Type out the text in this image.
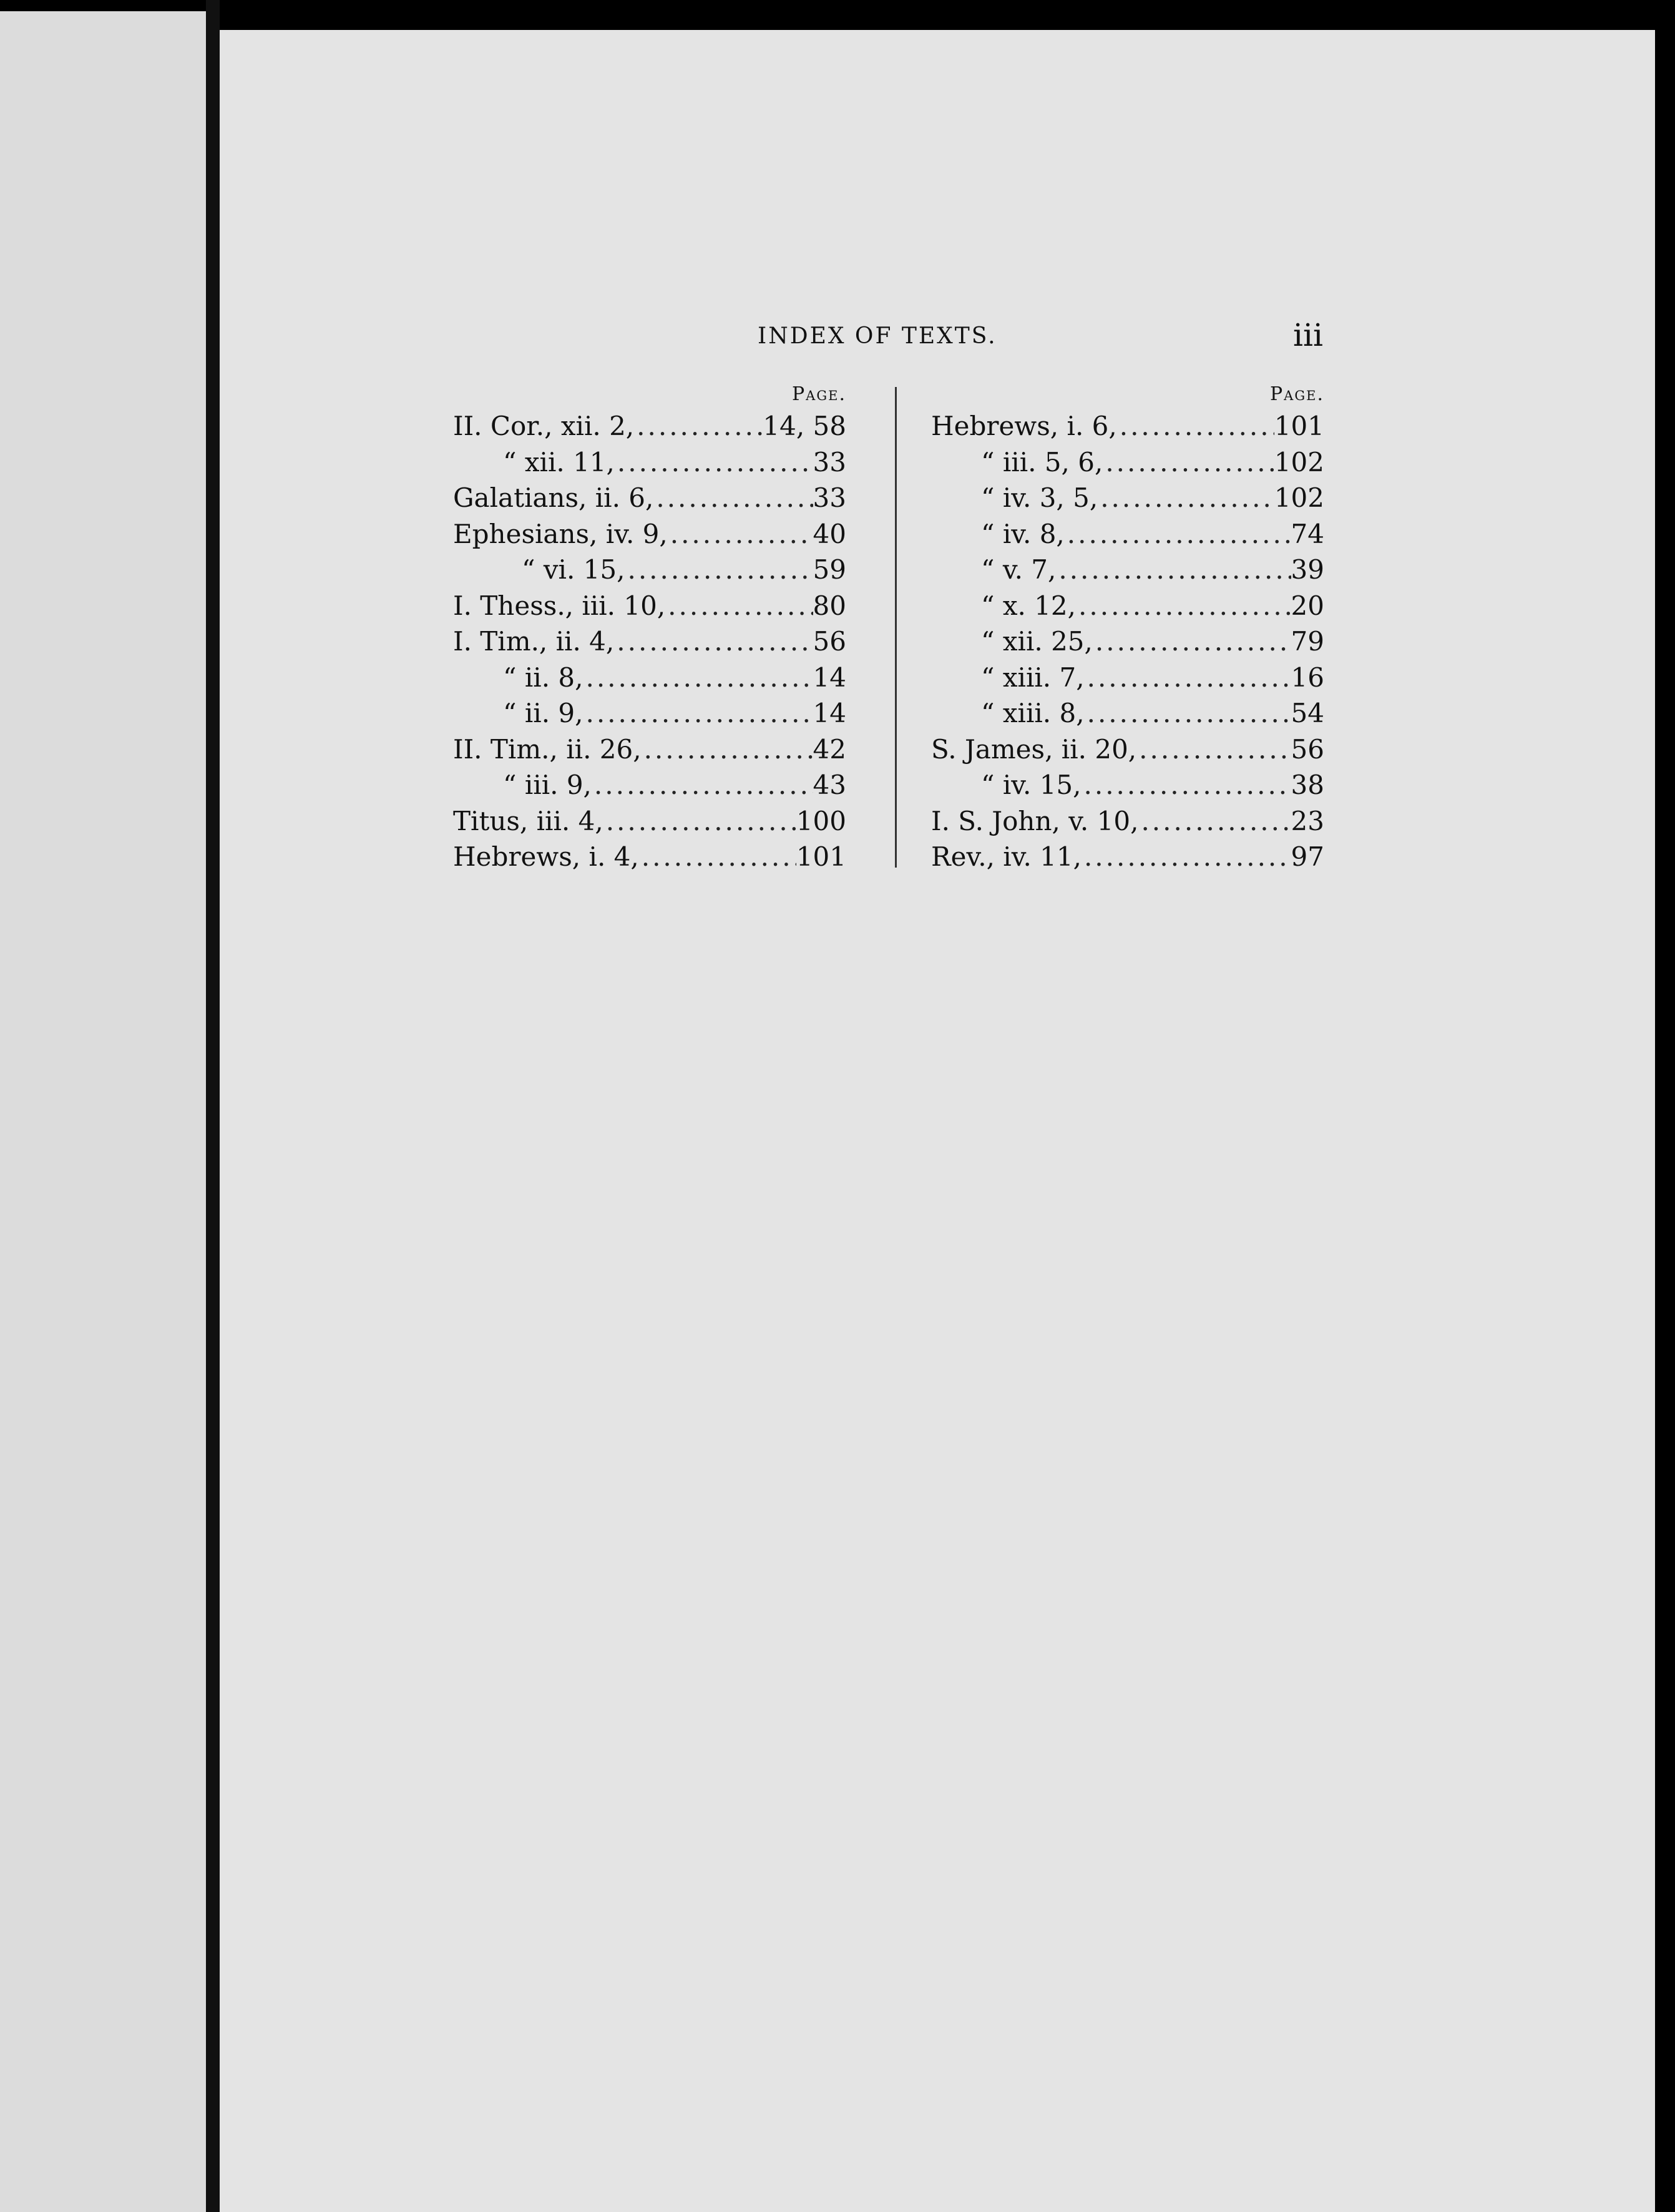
INDEX OF TEXTS.	iii
Page.
II. Cor., xii. 2, .....	14, 58
“ xii. 11, .....	33
Galatians, ii. 6, .....	33
Ephesians, iv. 9, .....	40
“ vi. 15, .....	59
I. Thess., iii. 10, .....	80
I. Tim., ii. 4, .....	56
“ ii. 8, .....	14
“ ii. 9, .....	14
II. Tim., ii. 26, .....	42
“ iii. 9, .....	43
Titus, iii. 4, .....	100
Hebrews, i. 4, .....	101
Page.
Hebrews, i. 6, .....	101
“ iii. 5, 6, .....	102
“ iv. 3, 5, .....	102
“ iv. 8, .....	74
“ v. 7, .....	39
“ x. 12, .....	20
“ xii. 25, .....	79
“ xiii. 7, .....	16
“ xiii. 8, .....	54
S. James, ii. 20, .....	56
“ iv. 15, .....	38
I. S. John, v. 10, .....	23
Rev., iv. 11, .....	97
